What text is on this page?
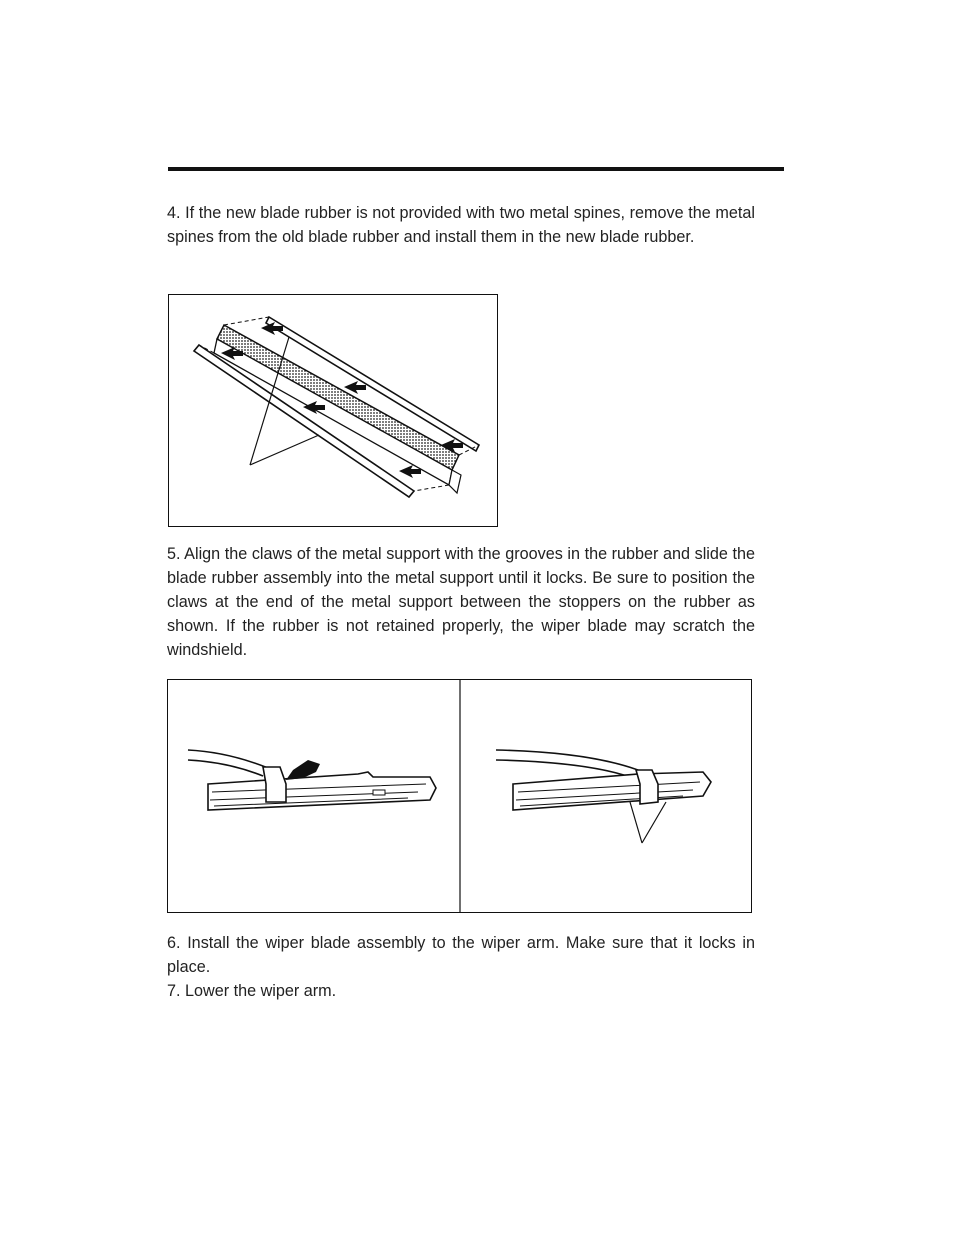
4. If the new blade rubber is not provided with two metal spines, remove the metal spines from the old blade rubber and install them in the new blade rubber.

5. Align the claws of the metal support with the grooves in the rubber and slide the blade rubber assembly into the metal support until it locks. Be sure to position the claws at the end of the metal support between the stoppers on the rubber as shown. If the rubber is not retained properly, the wiper blade may scratch the windshield.

6. Install the wiper blade assembly to the wiper arm. Make sure that it locks in place.

7. Lower the wiper arm.
